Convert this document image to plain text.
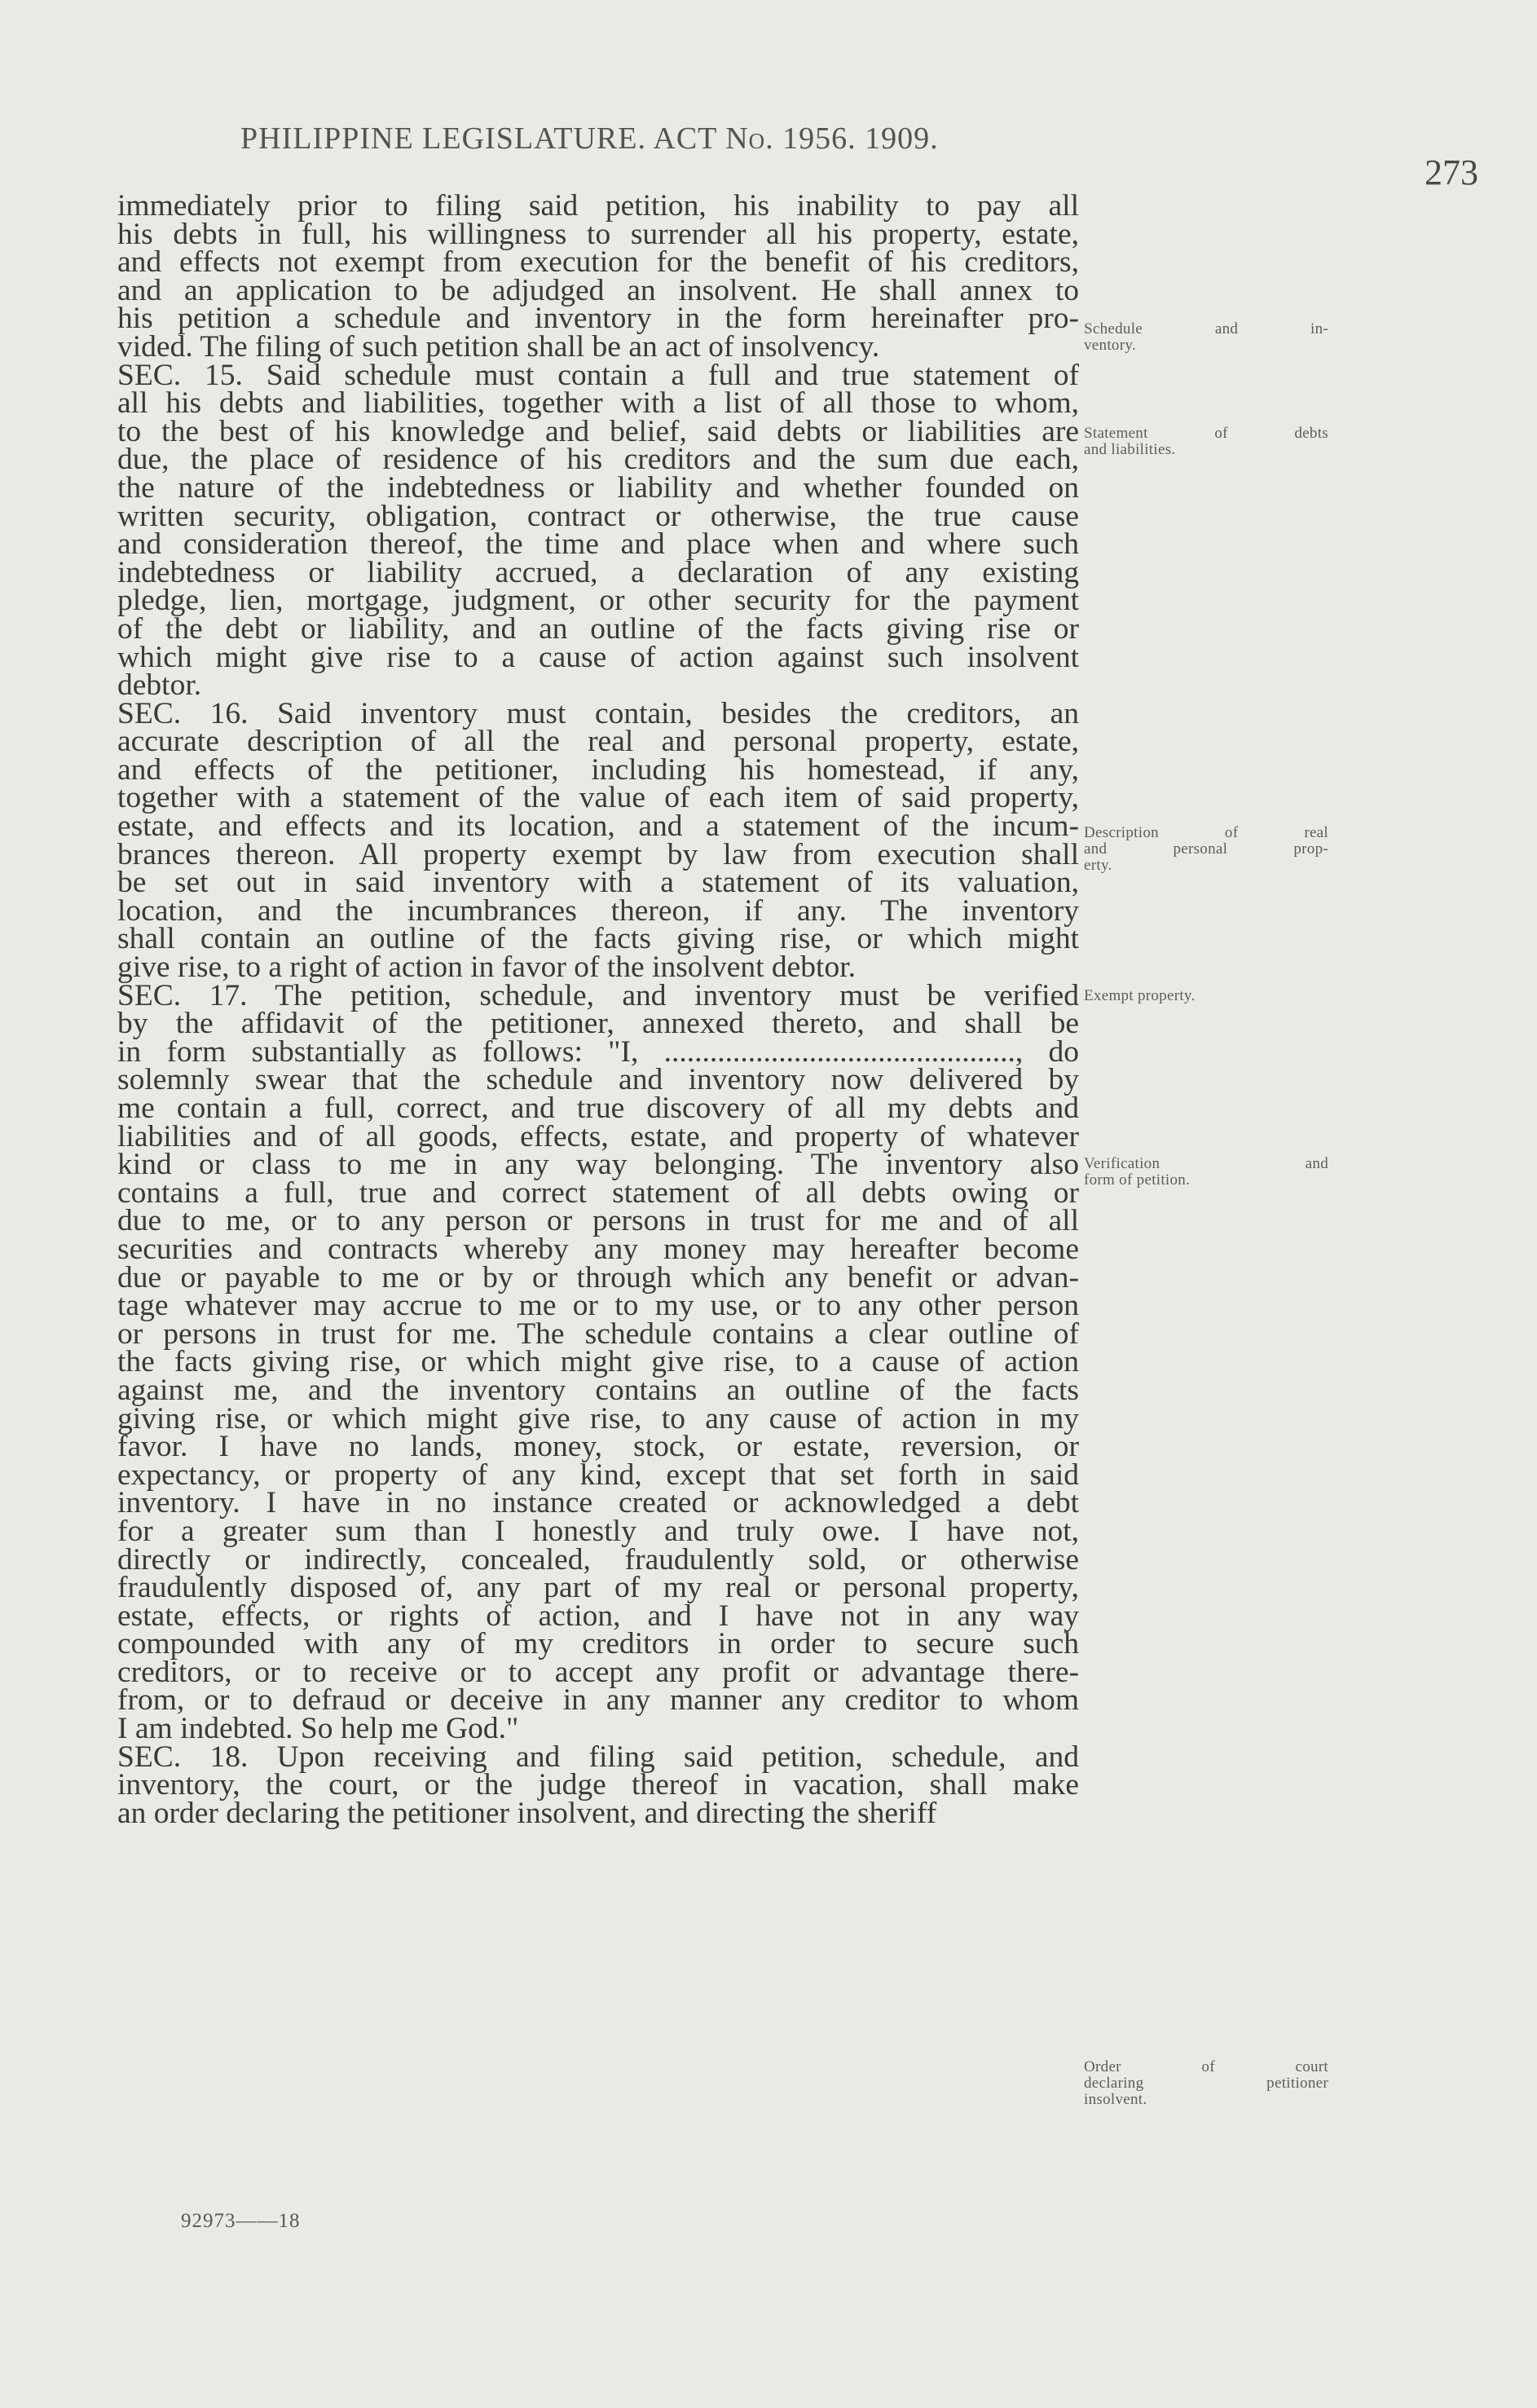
PHILIPPINE LEGISLATURE. ACT No. 1956. 1909.
273
immediately prior to filing said petition, his inability to pay all
his debts in full, his willingness to surrender all his property, estate,
and effects not exempt from execution for the benefit of his creditors,
and an application to be adjudged an insolvent. He shall annex to
his petition a schedule and inventory in the form hereinafter pro-
vided. The filing of such petition shall be an act of insolvency.
SEC. 15. Said schedule must contain a full and true statement of
all his debts and liabilities, together with a list of all those to whom,
to the best of his knowledge and belief, said debts or liabilities are
due, the place of residence of his creditors and the sum due each,
the nature of the indebtedness or liability and whether founded on
written security, obligation, contract or otherwise, the true cause
and consideration thereof, the time and place when and where such
indebtedness or liability accrued, a declaration of any existing
pledge, lien, mortgage, judgment, or other security for the payment
of the debt or liability, and an outline of the facts giving rise or
which might give rise to a cause of action against such insolvent
debtor.
SEC. 16. Said inventory must contain, besides the creditors, an
accurate description of all the real and personal property, estate,
and effects of the petitioner, including his homestead, if any,
together with a statement of the value of each item of said property,
estate, and effects and its location, and a statement of the incum-
brances thereon. All property exempt by law from execution shall
be set out in said inventory with a statement of its valuation,
location, and the incumbrances thereon, if any. The inventory
shall contain an outline of the facts giving rise, or which might
give rise, to a right of action in favor of the insolvent debtor.
SEC. 17. The petition, schedule, and inventory must be verified
by the affidavit of the petitioner, annexed thereto, and shall be
in form substantially as follows: "I, .............................................., do
solemnly swear that the schedule and inventory now delivered by
me contain a full, correct, and true discovery of all my debts and
liabilities and of all goods, effects, estate, and property of whatever
kind or class to me in any way belonging. The inventory also
contains a full, true and correct statement of all debts owing or
due to me, or to any person or persons in trust for me and of all
securities and contracts whereby any money may hereafter become
due or payable to me or by or through which any benefit or advan-
tage whatever may accrue to me or to my use, or to any other person
or persons in trust for me. The schedule contains a clear outline of
the facts giving rise, or which might give rise, to a cause of action
against me, and the inventory contains an outline of the facts
giving rise, or which might give rise, to any cause of action in my
favor. I have no lands, money, stock, or estate, reversion, or
expectancy, or property of any kind, except that set forth in said
inventory. I have in no instance created or acknowledged a debt
for a greater sum than I honestly and truly owe. I have not,
directly or indirectly, concealed, fraudulently sold, or otherwise
fraudulently disposed of, any part of my real or personal property,
estate, effects, or rights of action, and I have not in any way
compounded with any of my creditors in order to secure such
creditors, or to receive or to accept any profit or advantage there-
from, or to defraud or deceive in any manner any creditor to whom
I am indebted. So help me God."
SEC. 18. Upon receiving and filing said petition, schedule, and
inventory, the court, or the judge thereof in vacation, shall make
an order declaring the petitioner insolvent, and directing the sheriff
Schedule and in-
ventory.
Statement of debts
and liabilities.
Description of real
and personal prop-
erty.
Exempt property.
Verification and
form of petition.
Order of court
declaring petitioner
insolvent.
92973——18
